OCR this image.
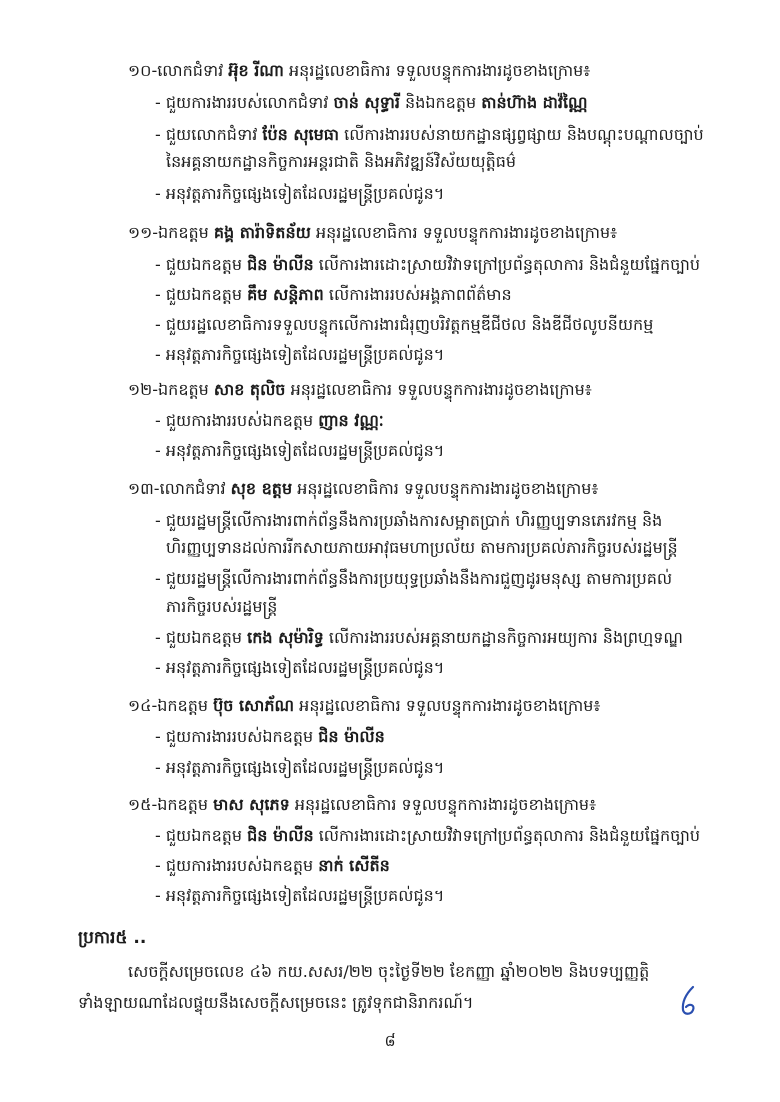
១០-លោកជំទាវ អ៊ុខ រីណា អនុរដ្ឋលេខាធិការ ទទួលបន្ទុកការងារដូចខាងក្រោម៖
- ជួយការងាររបស់លោកជំទាវ ចាន់ សុទ្ធារី និងឯកឧត្តម តាន់ហ៊ាង ដាវ៉ណ្ណៃ
- ជួយលោកជំទាវ ប៉ែន សុមេធា លើការងាររបស់នាយកដ្ឋានផ្សព្វផ្សាយ និងបណ្ដុះបណ្ដាលច្បាប់
នៃអគ្គនាយកដ្ឋានកិច្ចការអន្តរជាតិ និងអភិវឌ្ឍន៍វិស័យយុត្តិធម៌
- អនុវត្តភារកិច្ចផ្សេងទៀតដែលរដ្ឋមន្ត្រីប្រគល់ជូន។
១១-ឯកឧត្តម គង្គ តារ៉ាទិតន័យ អនុរដ្ឋលេខាធិការ ទទួលបន្ទុកការងារដូចខាងក្រោម៖
- ជួយឯកឧត្តម ជិន ម៉ាលីន លើការងារដោះស្រាយវិវាទក្រៅប្រព័ន្ធតុលាការ និងជំនួយផ្នែកច្បាប់
- ជួយឯកឧត្តម គឹម សន្តិភាព លើការងាររបស់អង្គភាពព័ត៌មាន
- ជួយរដ្ឋលេខាធិការទទួលបន្ទុកលើការងារជំរុញបរិវត្តកម្មឌីជីថល និងឌីជីថលូបនីយកម្ម
- អនុវត្តភារកិច្ចផ្សេងទៀតដែលរដ្ឋមន្ត្រីប្រគល់ជូន។
១២-ឯកឧត្តម សាខ តុលិច អនុរដ្ឋលេខាធិការ ទទួលបន្ទុកការងារដូចខាងក្រោម៖
- ជួយការងាររបស់ឯកឧត្តម ញាន វណ្ណៈ
- អនុវត្តភារកិច្ចផ្សេងទៀតដែលរដ្ឋមន្ត្រីប្រគល់ជូន។
១៣-លោកជំទាវ សុខ ឧត្ដម អនុរដ្ឋលេខាធិការ ទទួលបន្ទុកការងារដូចខាងក្រោម៖
- ជួយរដ្ឋមន្ត្រីលើការងារពាក់ព័ន្ធនឹងការប្រឆាំងការសម្អាតប្រាក់ ហិរញ្ញប្បទានភេរវកម្ម និង
ហិរញ្ញប្បទានដល់ការរីកសាយភាយអាវុធមហាប្រល័យ តាមការប្រគល់ភារកិច្ចរបស់រដ្ឋមន្ត្រី
- ជួយរដ្ឋមន្ត្រីលើការងារពាក់ព័ន្ធនឹងការប្រយុទ្ធប្រឆាំងនឹងការជួញដូរមនុស្ស តាមការប្រគល់
ភារកិច្ចរបស់រដ្ឋមន្ត្រី
- ជួយឯកឧត្តម កេង សុម៉ារិទ្ធ លើការងាររបស់អគ្គនាយកដ្ឋានកិច្ចការអយ្យការ និងព្រហ្មទណ្ឌ
- អនុវត្តភារកិច្ចផ្សេងទៀតដែលរដ្ឋមន្ត្រីប្រគល់ជូន។
១៤-ឯកឧត្តម ប៊ុច សោភ័ណ អនុរដ្ឋលេខាធិការ ទទួលបន្ទុកការងារដូចខាងក្រោម៖
- ជួយការងាររបស់ឯកឧត្តម ជិន ម៉ាលីន
- អនុវត្តភារកិច្ចផ្សេងទៀតដែលរដ្ឋមន្ត្រីប្រគល់ជូន។
១៥-ឯកឧត្តម មាស សុភេទ អនុរដ្ឋលេខាធិការ ទទួលបន្ទុកការងារដូចខាងក្រោម៖
- ជួយឯកឧត្តម ជិន ម៉ាលីន លើការងារដោះស្រាយវិវាទក្រៅប្រព័ន្ធតុលាការ និងជំនួយផ្នែកច្បាប់
- ជួយការងាររបស់ឯកឧត្តម នាក់ សើតីន
- អនុវត្តភារកិច្ចផ្សេងទៀតដែលរដ្ឋមន្ត្រីប្រគល់ជូន។
ប្រការ៥ ..
សេចក្ដីសម្រេចលេខ ៤៦ កយ.សសរ/២២ ចុះថ្ងៃទី២២ ខែកញ្ញា ឆ្នាំ២០២២ និងបទប្បញ្ញត្តិ
ទាំងឡាយណាដែលផ្ទុយនឹងសេចក្ដីសម្រេចនេះ ត្រូវទុកជានិរាករណ៍។
៨
